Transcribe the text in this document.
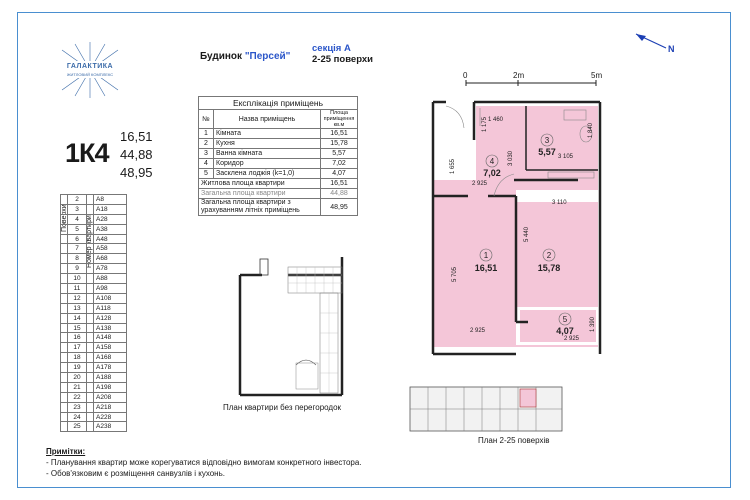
ГАЛАКТИКА
ЖИТЛОВИЙ КОМПЛЕКС
Будинок "Персей"
секція А
2-25 поверхи
N
0	2m	5m
1К4
16,51
44,88
48,95
Експлікація приміщень		
№	Назва приміщень	Площа приміщення кв.м
1	Кімната	16,51
2	Кухня	15,78
3	Ванна кімната	5,57
4	Коридор	7,02
5	Засклена лоджія (k=1,0)	4,07
Житлова площа квартири		16,51
Загальна площа квартири		44,88
Загальна площа квартири з урахуванням літніх приміщень		48,95
Поверхи	Номер квартири
	2		А8
	3		А18
	4		А28
	5		А38
	6		А48
	7		А58
	8		А68
	9		А78
	10		А88
	11		А98
	12		А108
	13		А118
	14		А128
	15		А138
	16		А148
	17		А158
	18		А168
	19		А178
	20		А188
	21		А198
	22		А208
	23		А218
	24		А228
	25		А238
План квартири без перегородок
3
5,57
4
7,02
1
16,51
2
15,78
5
4,07
1 460
1 840
3 105
3 030
1 655
2 925
1 175
3 110
5 440
5 705
2 925	1 390
2 925
План 2-25 поверхів
Примітки:
- Планування квартир може корегуватися відповідно вимогам конкретного інвестора.
- Обов'язковим є розміщення санвузлів і кухонь.
